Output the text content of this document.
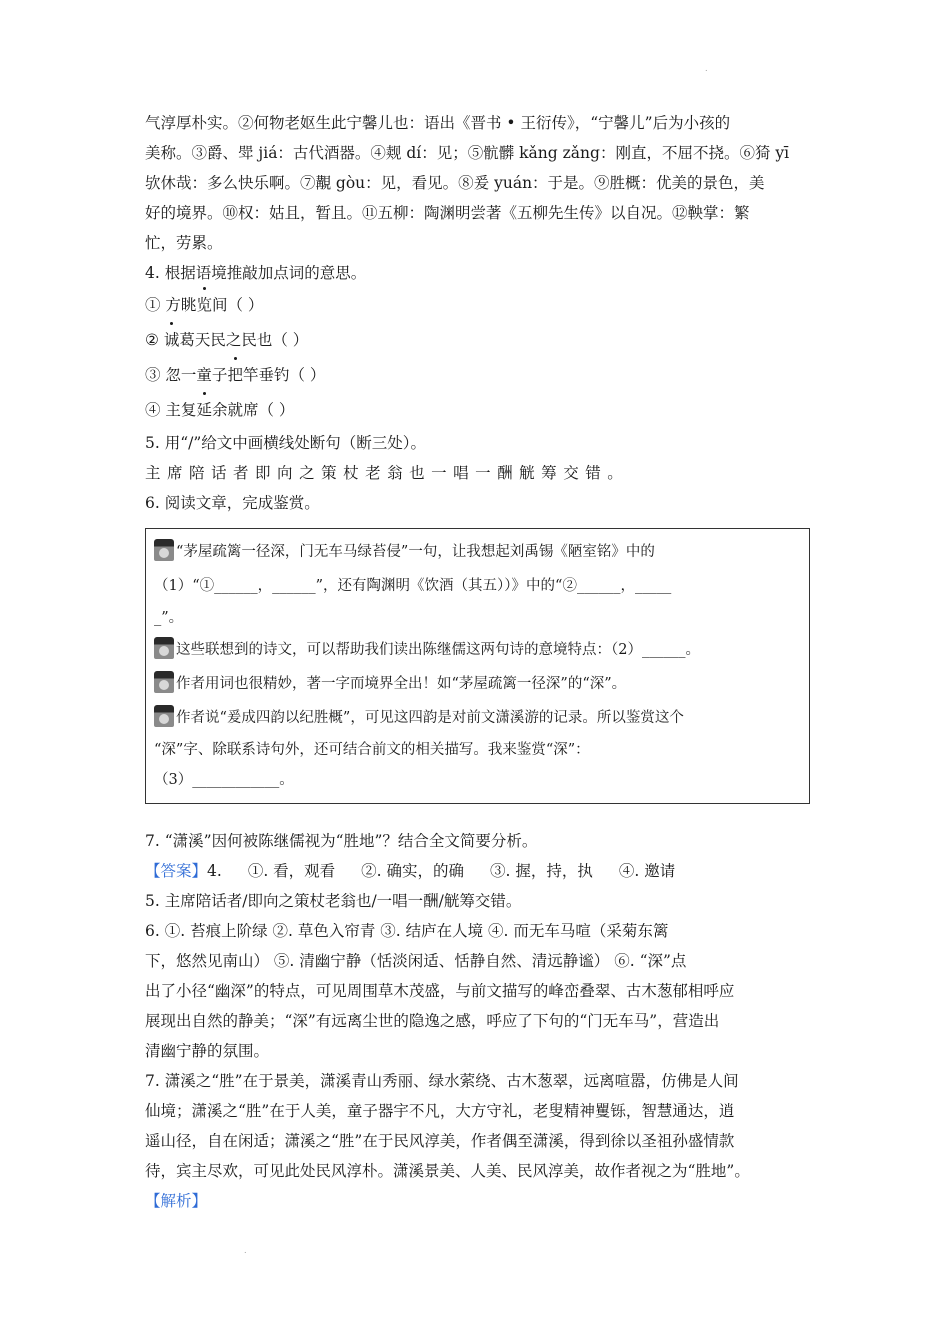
.

气淳厚朴实。②何物老妪生此宁馨儿也：语出《晋书 • 王衍传》，“宁馨儿”后为小孩的

美称。③爵、斝 jiá：古代酒器。④觌 dí：见；⑤骯髒 kǎng zǎng：刚直，不屈不挠。⑥猗 yī

欤休哉：多么快乐啊。⑦覯 gòu：见，看见。⑧爰 yuán：于是。⑨胜概：优美的景色，美

好的境界。⑩权：姑且，暂且。⑪五柳：陶渊明尝著《五柳先生传》以自况。⑫鞅掌：繁

忙，劳累。

4. 根据语境推敲加点词的意思。

① 方眺览间（ ）

② 诚葛天民之民也（ ）

③ 忽一童子把竿垂钓（ ）

④ 主复延余就席（ ）

5. 用“/”给文中画横线处断句（断三处）。

主席陪话者即向之策杖老翁也一唱一酬觥筹交错。

6. 阅读文章，完成鉴赏。

“茅屋疏篱一径深，门无车马绿苔侵”一句，让我想起刘禹锡《陋室铭》中的

（1）“①______，______”，还有陶渊明《饮酒（其五））》中的“②______，_____

_”。

这些联想到的诗文，可以帮助我们读出陈继儒这两句诗的意境特点：（2）______。

作者用词也很精妙，著一字而境界全出！如“茅屋疏篱一径深”的“深”。

作者说“爰成四韵以纪胜概”，可见这四韵是对前文潇溪游的记录。所以鉴赏这个

“深”字、除联系诗句外，还可结合前文的相关描写。我来鉴赏“深”：

（3）____________。

7. “潇溪”因何被陈继儒视为“胜地”？结合全文简要分析。

【答案】4. ①. 看，观看 ②. 确实，的确 ③. 握，持，执 ④. 邀请

5. 主席陪话者/即向之策杖老翁也/一唱一酬/觥筹交错。

6. ①. 苔痕上阶绿 ②. 草色入帘青 ③. 结庐在人境 ④. 而无车马喧（采菊东篱

下，悠然见南山） ⑤. 清幽宁静（恬淡闲适、恬静自然、清远静谧） ⑥. “深”点

出了小径“幽深”的特点，可见周围草木茂盛，与前文描写的峰峦叠翠、古木葱郁相呼应

展现出自然的静美；“深”有远离尘世的隐逸之感，呼应了下句的“门无车马”，营造出

清幽宁静的氛围。

7. 潇溪之“胜”在于景美，潇溪青山秀丽、绿水萦绕、古木葱翠，远离喧嚣，仿佛是人间

仙境；潇溪之“胜”在于人美，童子器宇不凡，大方守礼，老叟精神矍铄，智慧通达，逍

遥山径，自在闲适；潇溪之“胜”在于民风淳美，作者偶至潇溪，得到徐以圣祖孙盛情款

待，宾主尽欢，可见此处民风淳朴。潇溪景美、人美、民风淳美，故作者视之为“胜地”。

【解析】

.
